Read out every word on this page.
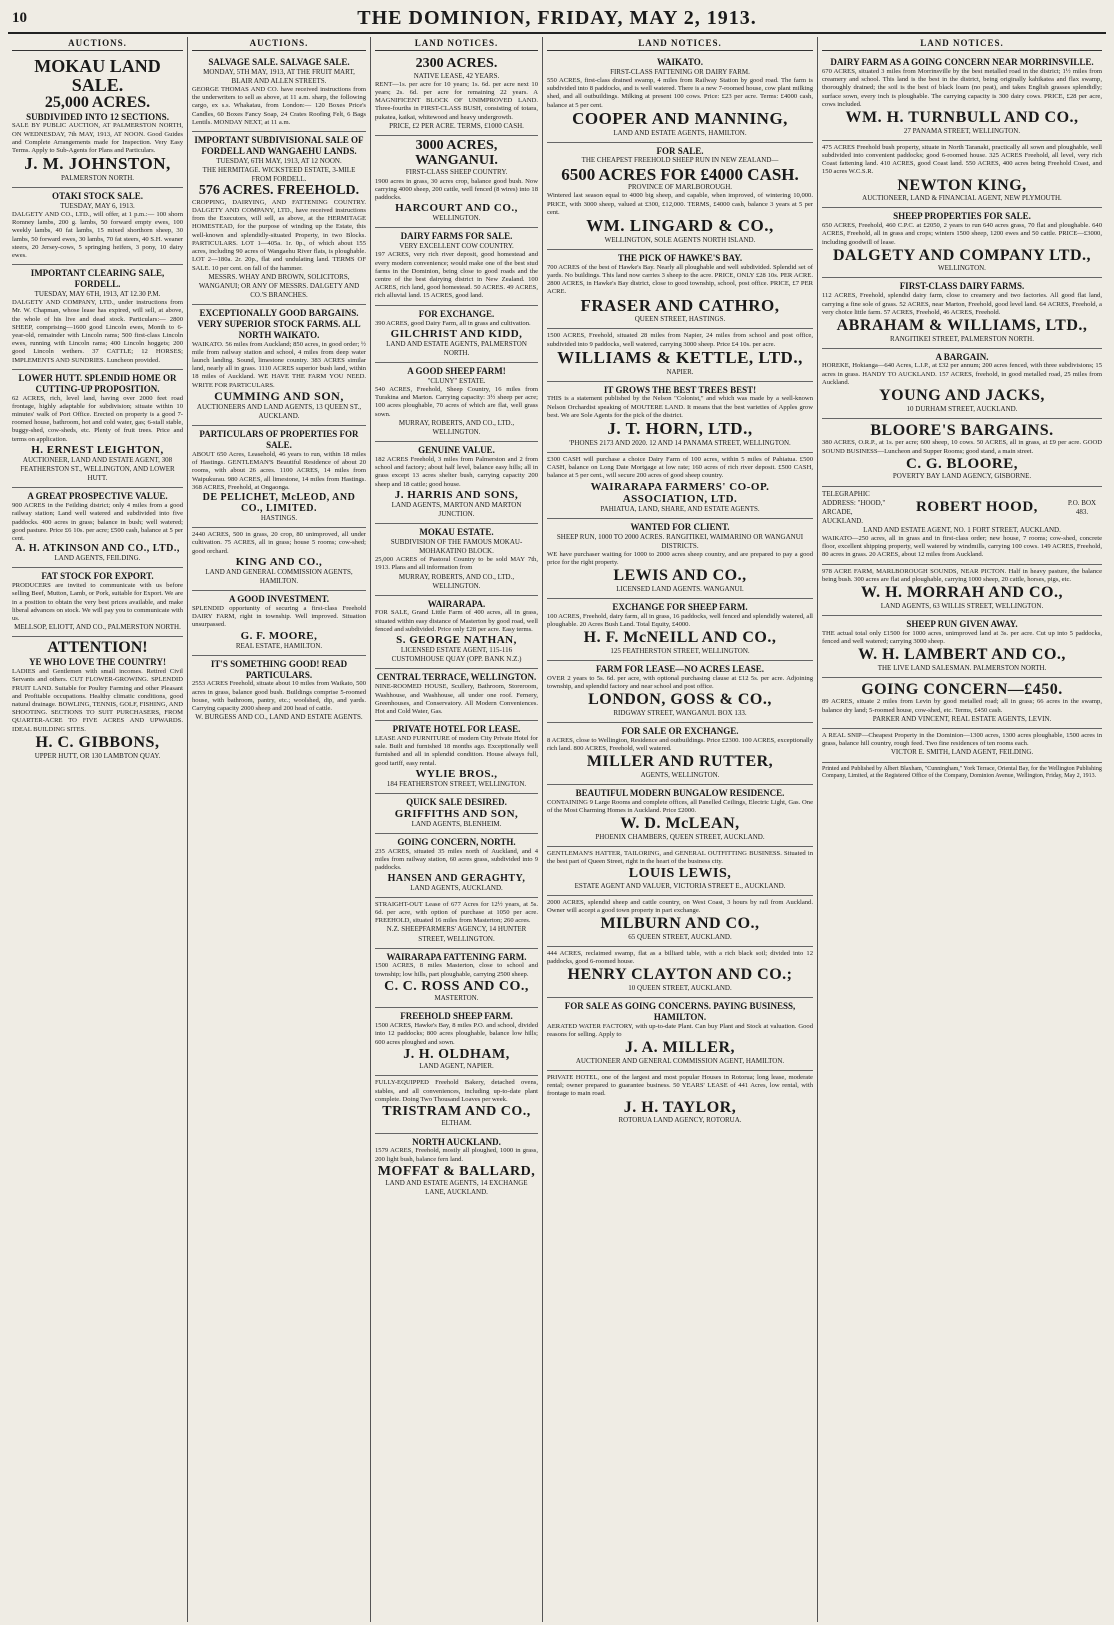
10	THE DOMINION, FRIDAY, MAY 2, 1913.
AUCTIONS.
MOKAU LAND SALE.
25,000 ACRES.
SUBDIVIDED INTO 12 SECTIONS.
SALE BY PUBLIC AUCTION, AT PALMERSTON NORTH, ON WEDNESDAY, 7th MAY, 1913, AT NOON. Good Guides and Complete Arrangements made for Inspection. Very Easy Terms. Apply to Sub-Agents for Plans and Particulars.
J. M. JOHNSTON,
PALMERSTON NORTH.
OTAKI STOCK SALE.
TUESDAY, MAY 6, 1913.
DALGETY AND CO., LTD., will offer, at 1 p.m.:— 100 shorn Romney lambs, 200 g. lambs, 50 forward empty ewes, 100 weekly lambs, 40 fat lambs, 15 mixed shorthorn sheep, 30 lambs, 50 forward ewes, 30 lambs, 70 fat steers, 40 S.H. weaner steers, 20 Jersey-cows, 5 springing heifers, 3 pony, 10 dairy ewes.
IMPORTANT CLEARING SALE, FORDELL.
TUESDAY, MAY 6TH, 1913, AT 12.30 P.M.
DALGETY AND COMPANY, LTD., under instructions from Mr. W. Chapman, whose lease has expired, will sell, at above, the whole of his live and dead stock. Particulars:— 2800 SHEEP, comprising—1600 good Lincoln ewes, Month to 6-year-old, remainder with Lincoln rams; 500 first-class Lincoln ewes, running with Lincoln rams; 400 Lincoln hoggets; 200 good Lincoln wethers. 37 CATTLE; 12 HORSES; IMPLEMENTS AND SUNDRIES. Luncheon provided.
LOWER HUTT. SPLENDID HOME OR CUTTING-UP PROPOSITION.
62 ACRES, rich, level land, having over 2000 feet road frontage, highly adaptable for subdivision; situate within 10 minutes' walk of Port Office. Erected on property is a good 7-roomed house, bathroom, hot and cold water, gas; 6-stall stable, buggy-shed, cow-sheds, etc. Plenty of fruit trees. Price and terms on application.
H. ERNEST LEIGHTON,
AUCTIONEER, LAND AND ESTATE AGENT, 308 FEATHERSTON ST., WELLINGTON, AND LOWER HUTT.
A GREAT PROSPECTIVE VALUE.
900 ACRES in the Feilding district; only 4 miles from a good railway station; Land well watered and subdivided into five paddocks. 400 acres in grass; balance in bush; well watered; good pasture. Price £6 10s. per acre; £500 cash, balance at 5 per cent.
A. H. ATKINSON AND CO., LTD.,
LAND AGENTS, FEILDING.
FAT STOCK FOR EXPORT.
PRODUCERS are invited to communicate with us before selling Beef, Mutton, Lamb, or Pork, suitable for Export. We are in a position to obtain the very best prices available, and make liberal advances on stock. We will pay you to communicate with us.
MELLSOP, ELIOTT, AND CO., PALMERSTON NORTH.
ATTENTION!
YE WHO LOVE THE COUNTRY!
LADIES and Gentlemen with small incomes. Retired Civil Servants and others. CUT FLOWER-GROWING. SPLENDID FRUIT LAND. Suitable for Poultry Farming and other Pleasant and Profitable occupations. Healthy climatic conditions, good natural drainage. BOWLING, TENNIS, GOLF, FISHING, AND SHOOTING. SECTIONS TO SUIT PURCHASERS, FROM QUARTER-ACRE TO FIVE ACRES AND UPWARDS. IDEAL BUILDING SITES.
H. C. GIBBONS,
UPPER HUTT, OR 130 LAMBTON QUAY.
AUCTIONS.
SALVAGE SALE. SALVAGE SALE.
MONDAY, 5TH MAY, 1913, AT THE FRUIT MART, BLAIR AND ALLEN STREETS.
GEORGE THOMAS AND CO. have received instructions from the underwriters to sell as above, at 11 a.m. sharp, the following cargo, ex s.s. Whakatau, from London:— 120 Boxes Price's Candles, 60 Boxes Fancy Soap, 24 Crates Roofing Felt, 6 Bags Lentils. MONDAY NEXT, at 11 a.m.
IMPORTANT SUBDIVISIONAL SALE OF FORDELL AND WANGAEHU LANDS.
TUESDAY, 6TH MAY, 1913, AT 12 NOON.
THE HERMITAGE. WICKSTEED ESTATE, 3-MILE FROM FORDELL.
576 ACRES. FREEHOLD.
CROPPING, DAIRYING, AND FATTENING COUNTRY. DALGETY AND COMPANY, LTD., have received instructions from the Executors, will sell, as above, at the HERMITAGE HOMESTEAD, for the purpose of winding up the Estate, this well-known and splendidly-situated Property, in two Blocks. PARTICULARS. LOT 1—405a. 1r. 0p., of which about 155 acres, including 90 acres of Wangaehu River flats, is ploughable. LOT 2—180a. 2r. 20p., flat and undulating land. TERMS OF SALE. 10 per cent. on fall of the hammer.
MESSRS. WHAY AND BROWN, SOLICITORS, WANGANUI; OR ANY OF MESSRS. DALGETY AND CO.'S BRANCHES.
EXCEPTIONALLY GOOD BARGAINS. VERY SUPERIOR STOCK FARMS. ALL NORTH WAIKATO.
WAIKATO. 56 miles from Auckland; 850 acres, in good order; ½ mile from railway station and school, 4 miles from deep water launch landing. Sound, limestone country. 383 ACRES similar land, nearly all in grass. 1110 ACRES superior bush land, within 18 miles of Auckland. WE HAVE THE FARM YOU NEED. WRITE FOR PARTICULARS.
CUMMING AND SON,
AUCTIONEERS AND LAND AGENTS, 13 QUEEN ST., AUCKLAND.
PARTICULARS OF PROPERTIES FOR SALE.
ABOUT 650 Acres, Leasehold, 46 years to run, within 18 miles of Hastings. GENTLEMAN'S Beautiful Residence of about 20 rooms, with about 26 acres. 1100 ACRES, 14 miles from Waipukurau. 980 ACRES, all limestone, 14 miles from Hastings. 368 ACRES, Freehold, at Ongaonga.
DE PELICHET, McLEOD, AND CO., LIMITED.
HASTINGS.
2440 ACRES, 500 in grass, 20 crop, 80 unimproved, all under cultivation. 75 ACRES, all in grass; house 5 rooms; cow-shed; good orchard.
KING AND CO.,
LAND AND GENERAL COMMISSION AGENTS, HAMILTON.
A GOOD INVESTMENT.
SPLENDID opportunity of securing a first-class Freehold DAIRY FARM, right in township. Well improved. Situation unsurpassed.
G. F. MOORE,
REAL ESTATE, HAMILTON.
IT'S SOMETHING GOOD! READ PARTICULARS.
2553 ACRES Freehold, situate about 10 miles from Waikato, 500 acres in grass, balance good bush. Buildings comprise 5-roomed house, with bathroom, pantry, etc.; woolshed, dip, and yards. Carrying capacity 2000 sheep and 200 head of cattle.
W. BURGESS AND CO., LAND AND ESTATE AGENTS.
LAND NOTICES.
2300 ACRES.
NATIVE LEASE, 42 YEARS.
RENT—1s. per acre for 10 years; 1s. 6d. per acre next 10 years; 2s. 6d. per acre for remaining 22 years. A MAGNIFICENT BLOCK OF UNIMPROVED LAND. Three-fourths in FIRST-CLASS BUSH, consisting of totara, pukatea, kaikai, whitewood and heavy undergrowth.
PRICE, £2 PER ACRE. TERMS, £1000 CASH.
3000 ACRES, WANGANUI.
FIRST-CLASS SHEEP COUNTRY.
1900 acres in grass, 30 acres crop, balance good bush. Now carrying 4000 sheep, 200 cattle, well fenced (8 wires) into 18 paddocks.
HARCOURT AND CO.,
WELLINGTON.
DAIRY FARMS FOR SALE.
VERY EXCELLENT COW COUNTRY.
197 ACRES, very rich river deposit, good homestead and every modern convenience; would make one of the best stud farms in the Dominion, being close to good roads and the centre of the best dairying district in New Zealand. 100 ACRES, rich land, good homestead. 50 ACRES. 49 ACRES, rich alluvial land. 15 ACRES, good land.
FOR EXCHANGE.
390 ACRES, good Dairy Farm, all in grass and cultivation.
GILCHRIST AND KIDD,
LAND AND ESTATE AGENTS, PALMERSTON NORTH.
A GOOD SHEEP FARM!
"CLUNY" ESTATE.
540 ACRES, Freehold, Sheep Country, 16 miles from Turakina and Marton. Carrying capacity: 3½ sheep per acre; 100 acres ploughable, 70 acres of which are flat, well grass sown.
MURRAY, ROBERTS, AND CO., LTD., WELLINGTON.
GENUINE VALUE.
182 ACRES Freehold, 3 miles from Palmerston and 2 from school and factory; about half level, balance easy hills; all in grass except 13 acres shelter bush, carrying capacity 200 sheep and 18 cattle; good house.
J. HARRIS AND SONS,
LAND AGENTS, MARTON AND MARTON JUNCTION.
MOKAU ESTATE.
SUBDIVISION OF THE FAMOUS MOKAU-MOHAKATINO BLOCK.
25,000 ACRES of Pastoral Country to be sold MAY 7th, 1913. Plans and all information from
MURRAY, ROBERTS, AND CO., LTD., WELLINGTON.
WAIRARAPA.
FOR SALE, Grand Little Farm of 400 acres, all in grass, situated within easy distance of Masterton by good road, well fenced and subdivided. Price only £28 per acre. Easy terms.
S. GEORGE NATHAN,
LICENSED ESTATE AGENT, 115-116 CUSTOMHOUSE QUAY (OPP. BANK N.Z.)
CENTRAL TERRACE, WELLINGTON.
NINE-ROOMED HOUSE, Scullery, Bathroom, Storeroom, Washhouse, and Washhouse, all under one roof. Fernery, Greenhouses, and Conservatory. All Modern Conveniences. Hot and Cold Water, Gas.
PRIVATE HOTEL FOR LEASE.
LEASE AND FURNITURE of modern City Private Hotel for sale. Built and furnished 18 months ago. Exceptionally well furnished and all in splendid condition. House always full, good tariff, easy rental.
WYLIE BROS.,
184 FEATHERSTON STREET, WELLINGTON.
QUICK SALE DESIRED.
GRIFFITHS AND SON,
LAND AGENTS, BLENHEIM.
GOING CONCERN, NORTH.
235 ACRES, situated 35 miles north of Auckland, and 4 miles from railway station, 60 acres grass, subdivided into 9 paddocks.
HANSEN AND GERAGHTY,
LAND AGENTS, AUCKLAND.
STRAIGHT-OUT Lease of 677 Acres for 12½ years, at 5s. 6d. per acre, with option of purchase at 1050 per acre. FREEHOLD, situated 16 miles from Masterton; 260 acres.
N.Z. SHEEPFARMERS' AGENCY, 14 HUNTER STREET, WELLINGTON.
WAIRARAPA FATTENING FARM.
1500 ACRES, 8 miles Masterton, close to school and township; low hills, part ploughable, carrying 2500 sheep.
C. C. ROSS AND CO.,
MASTERTON.
FREEHOLD SHEEP FARM.
1500 ACRES, Hawke's Bay, 8 miles P.O. and school, divided into 12 paddocks; 800 acres ploughable, balance low hills; 600 acres ploughed and sown.
J. H. OLDHAM,
LAND AGENT, NAPIER.
FULLY-EQUIPPED Freehold Bakery, detached ovens, stables, and all conveniences, including up-to-date plant complete. Doing Two Thousand Loaves per week.
TRISTRAM AND CO.,
ELTHAM.
NORTH AUCKLAND.
1579 ACRES, Freehold, mostly all ploughed, 1000 in grass, 200 light bush, balance fern land.
MOFFAT & BALLARD,
LAND AND ESTATE AGENTS, 14 EXCHANGE LANE, AUCKLAND.
LAND NOTICES.
WAIKATO.
FIRST-CLASS FATTENING OR DAIRY FARM.
550 ACRES, first-class drained swamp, 4 miles from Railway Station by good road. The farm is subdivided into 8 paddocks, and is well watered. There is a new 7-roomed house, cow plant milking shed, and all outbuildings. Milking at present 100 cows. Price: £23 per acre. Terms: £4000 cash, balance at 5 per cent.
COOPER AND MANNING,
LAND AND ESTATE AGENTS, HAMILTON.
FOR SALE.
THE CHEAPEST FREEHOLD SHEEP RUN IN NEW ZEALAND—
6500 ACRES FOR £4000 CASH.
PROVINCE OF MARLBOROUGH.
Wintered last season equal to 4000 big sheep, and capable, when improved, of wintering 10,000. PRICE, with 3000 sheep, valued at £300, £12,000. TERMS, £4000 cash, balance 3 years at 5 per cent.
WM. LINGARD & CO.,
WELLINGTON, SOLE AGENTS NORTH ISLAND.
THE PICK OF HAWKE'S BAY.
700 ACRES of the best of Hawke's Bay. Nearly all ploughable and well subdivided. Splendid set of yards. No buildings. This land now carries 3 sheep to the acre. PRICE, ONLY £28 10s. PER ACRE. 2800 ACRES, in Hawke's Bay district, close to good township, school, post office. PRICE, £7 PER ACRE.
FRASER AND CATHRO,
QUEEN STREET, HASTINGS.
1500 ACRES, Freehold, situated 28 miles from Napier, 24 miles from school and post office, subdivided into 9 paddocks, well watered, carrying 3000 sheep. Price £4 10s. per acre.
WILLIAMS & KETTLE, LTD.,
NAPIER.
IT GROWS THE BEST TREES BEST!
THIS is a statement published by the Nelson "Colonist," and which was made by a well-known Nelson Orchardist speaking of MOUTERE LAND. It means that the best varieties of Apples grow best. We are Sole Agents for the pick of the district.
J. T. HORN, LTD.,
'PHONES 2173 AND 2020. 12 AND 14 PANAMA STREET, WELLINGTON.
£300 CASH will purchase a choice Dairy Farm of 100 acres, within 5 miles of Pahiatua. £500 CASH, balance on Long Date Mortgage at low rate; 160 acres of rich river deposit. £500 CASH, balance at 5 per cent., will secure 200 acres of good sheep country.
WAIRARAPA FARMERS' CO-OP. ASSOCIATION, LTD.
PAHIATUA, LAND, SHARE, AND ESTATE AGENTS.
WANTED FOR CLIENT.
SHEEP RUN, 1000 TO 2000 ACRES. RANGITIKEI, WAIMARINO OR WANGANUI DISTRICTS.
WE have purchaser waiting for 1000 to 2000 acres sheep country, and are prepared to pay a good price for the right property.
LEWIS AND CO.,
LICENSED LAND AGENTS. WANGANUI.
EXCHANGE FOR SHEEP FARM.
100 ACRES, Freehold, dairy farm, all in grass, 16 paddocks, well fenced and splendidly watered, all ploughable. 20 Acres Bush Land. Total Equity, £4000.
H. F. McNEILL AND CO.,
125 FEATHERSTON STREET, WELLINGTON.
FARM FOR LEASE—NO ACRES LEASE.
OVER 2 years to 5s. 6d. per acre, with optional purchasing clause at £12 5s. per acre. Adjoining township, and splendid factory and near school and post office.
LONDON, GOSS & CO.,
RIDGWAY STREET, WANGANUI. BOX 133.
FOR SALE OR EXCHANGE.
8 ACRES, close to Wellington, Residence and outbuildings. Price £2300. 100 ACRES, exceptionally rich land. 800 ACRES, Freehold, well watered.
MILLER AND RUTTER,
AGENTS, WELLINGTON.
BEAUTIFUL MODERN BUNGALOW RESIDENCE.
CONTAINING 9 Large Rooms and complete offices, all Panelled Ceilings, Electric Light, Gas. One of the Most Charming Homes in Auckland. Price £2000.
W. D. McLEAN,
PHOENIX CHAMBERS, QUEEN STREET, AUCKLAND.
GENTLEMAN'S HATTER, TAILORING, and GENERAL OUTFITTING BUSINESS. Situated in the best part of Queen Street, right in the heart of the business city.
LOUIS LEWIS,
ESTATE AGENT AND VALUER, VICTORIA STREET E., AUCKLAND.
2000 ACRES, splendid sheep and cattle country, on West Coast, 3 hours by rail from Auckland. Owner will accept a good town property in part exchange.
MILBURN AND CO.,
65 QUEEN STREET, AUCKLAND.
444 ACRES, reclaimed swamp, flat as a billiard table, with a rich black soil; divided into 12 paddocks, good 6-roomed house.
HENRY CLAYTON AND CO.;
10 QUEEN STREET, AUCKLAND.
FOR SALE AS GOING CONCERNS. PAYING BUSINESS, HAMILTON.
AERATED WATER FACTORY, with up-to-date Plant. Can buy Plant and Stock at valuation. Good reasons for selling. Apply to
J. A. MILLER,
AUCTIONEER AND GENERAL COMMISSION AGENT, HAMILTON.
PRIVATE HOTEL, one of the largest and most popular Houses in Rotorua; long lease, moderate rental; owner prepared to guarantee business. 50 YEARS' LEASE of 441 Acres, low rental, with frontage to main road.
J. H. TAYLOR,
ROTORUA LAND AGENCY, ROTORUA.
LAND NOTICES.
DAIRY FARM AS A GOING CONCERN NEAR MORRINSVILLE.
670 ACRES, situated 3 miles from Morrinsville by the best metalled road in the district; 1½ miles from creamery and school. This land is the best in the district, being originally kahikatea and flax swamp, thoroughly drained; the soil is the best of black loam (no peat), and takes English grasses splendidly; surface sown, every inch is ploughable. The carrying capacity is 300 dairy cows. PRICE, £28 per acre, cows included.
WM. H. TURNBULL AND CO.,
27 PANAMA STREET, WELLINGTON.
475 ACRES Freehold bush property, situate in North Taranaki, practically all sown and ploughable, well subdivided into convenient paddocks; good 6-roomed house. 325 ACRES Freehold, all level, very rich Coast fattening land. 410 ACRES, good Coast land. 550 ACRES, 400 acres being Freehold Coast, and 150 acres W.C.S.R.
NEWTON KING,
AUCTIONEER, LAND & FINANCIAL AGENT, NEW PLYMOUTH.
SHEEP PROPERTIES FOR SALE.
650 ACRES, Freehold, 460 C.P.C. at £2050, 2 years to run 640 acres grass, 70 flat and ploughable. 640 ACRES, Freehold, all in grass and crops; winters 1500 sheep, 1200 ewes and 50 cattle. PRICE—£3000, including goodwill of lease.
DALGETY AND COMPANY LTD.,
WELLINGTON.
FIRST-CLASS DAIRY FARMS.
112 ACRES, Freehold, splendid dairy farm, close to creamery and two factories. All good flat land, carrying a fine sole of grass. 52 ACRES, near Marton, Freehold, good level land. 64 ACRES, Freehold, a very choice little farm. 57 ACRES, Freehold, 46 ACRES, Freehold.
ABRAHAM & WILLIAMS, LTD.,
RANGITIKEI STREET, PALMERSTON NORTH.
A BARGAIN.
HOREKE, Hokianga—640 Acres, L.I.P., at £32 per annum; 200 acres fenced, with three subdivisions; 15 acres in grass. HANDY TO AUCKLAND. 157 ACRES, freehold, in good metalled road, 25 miles from Auckland.
YOUNG AND JACKS,
10 DURHAM STREET, AUCKLAND.
BLOORE'S BARGAINS.
380 ACRES, O.R.P., at 1s. per acre; 600 sheep, 10 cows. 50 ACRES, all in grass, at £9 per acre. GOOD SOUND BUSINESS—Luncheon and Supper Rooms; good stand, a main street.
C. G. BLOORE,
POVERTY BAY LAND AGENCY, GISBORNE.
TELEGRAPHIC ADDRESS: "HOOD," ARCADE, AUCKLAND.
ROBERT HOOD,	P.O. BOX 483.
LAND AND ESTATE AGENT, NO. 1 FORT STREET, AUCKLAND.
WAIKATO—250 acres, all in grass and in first-class order; new house, 7 rooms; cow-shed, concrete floor, excellent shipping property, well watered by windmills, carrying 100 cows. 149 ACRES, Freehold, 80 acres in grass. 20 ACRES, about 12 miles from Auckland.
978 ACRE FARM, MARLBOROUGH SOUNDS, NEAR PICTON. Half in heavy pasture, the balance being bush. 300 acres are flat and ploughable, carrying 1000 sheep, 20 cattle, horses, pigs, etc.
W. H. MORRAH AND CO.,
LAND AGENTS, 63 WILLIS STREET, WELLINGTON.
SHEEP RUN GIVEN AWAY.
THE actual total only £1500 for 1000 acres, unimproved land at 3s. per acre. Cut up into 5 paddocks, fenced and well watered; carrying 3000 sheep.
W. H. LAMBERT AND CO.,
THE LIVE LAND SALESMAN. PALMERSTON NORTH.
GOING CONCERN—£450.
89 ACRES, situate 2 miles from Levin by good metalled road; all in grass; 66 acres in the swamp, balance dry land; 5-roomed house, cow-shed, etc. Terms, £450 cash.
PARKER AND VINCENT, REAL ESTATE AGENTS, LEVIN.
A REAL SNIP—Cheapest Property in the Dominion—1300 acres, 1300 acres ploughable, 1500 acres in grass, balance hill country, rough feed. Two fine residences of ten rooms each.
VICTOR E. SMITH, LAND AGENT, FEILDING.
Printed and Published by Albert Blaxham, "Cunningham," York Terrace, Oriental Bay, for the Wellington Publishing Company, Limited, at the Registered Office of the Company, Dominion Avenue, Wellington, Friday, May 2, 1913.
